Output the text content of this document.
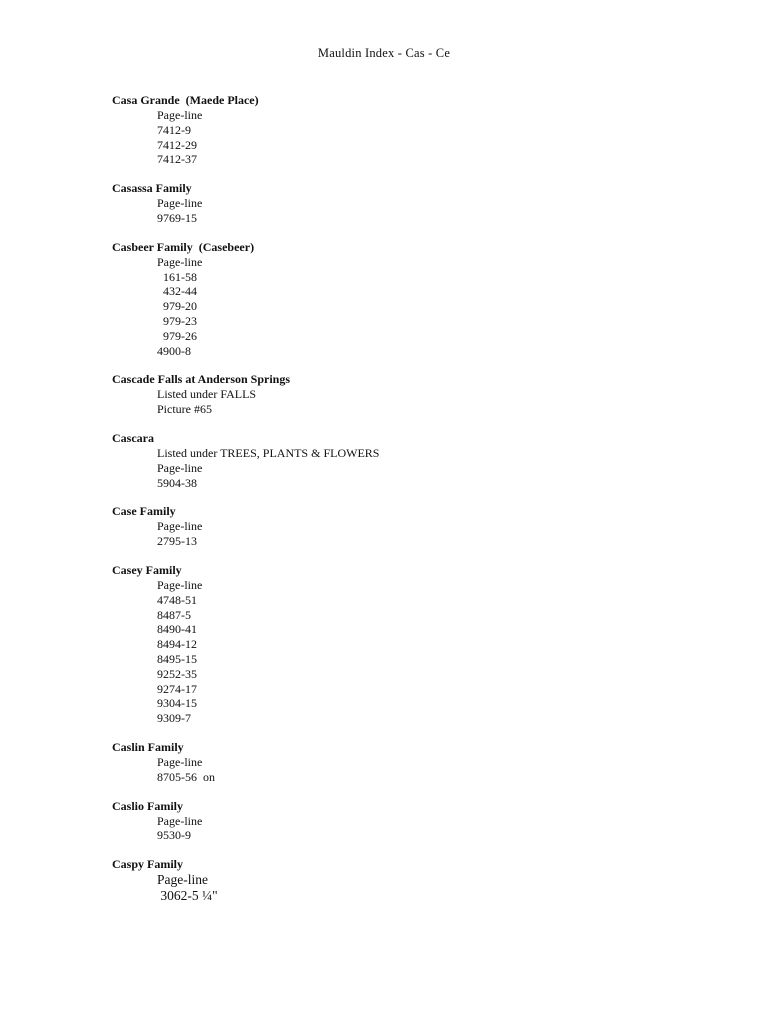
Mauldin Index - Cas - Ce
Casa Grande  (Maede Place)
Page-line
7412-9
7412-29
7412-37
Casassa Family
Page-line
9769-15
Casbeer Family  (Casebeer)
Page-line
161-58
432-44
979-20
979-23
979-26
4900-8
Cascade Falls at Anderson Springs
Listed under FALLS
Picture #65
Cascara
Listed under TREES, PLANTS & FLOWERS
Page-line
5904-38
Case Family
Page-line
2795-13
Casey Family
Page-line
4748-51
8487-5
8490-41
8494-12
8495-15
9252-35
9274-17
9304-15
9309-7
Caslin Family
Page-line
8705-56  on
Caslio Family
Page-line
9530-9
Caspy Family
Page-line
3062-5 ¼"
